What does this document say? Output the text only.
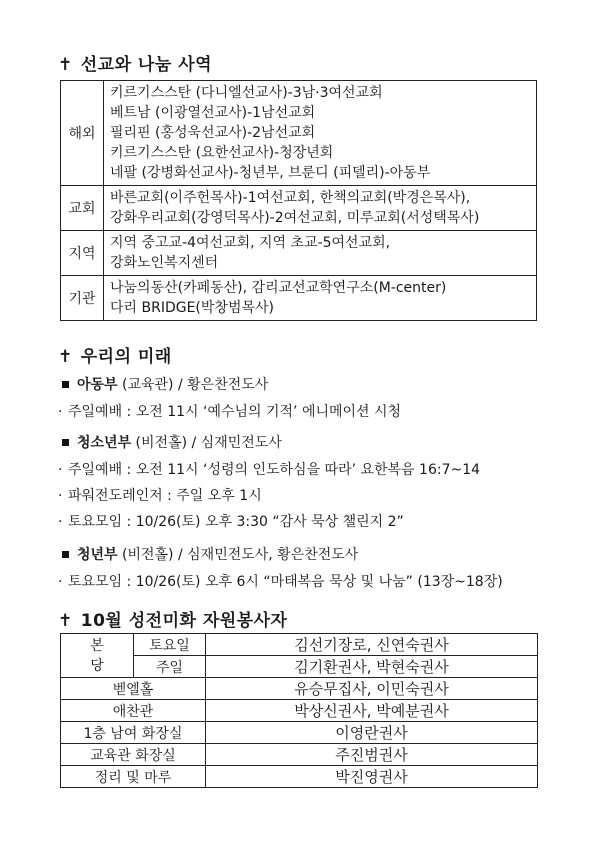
✝ 선교와 나눔 사역
해외	키르기스스탄 (다니엘선교사)-3남·3여선교회
베트남 (이광열선교사)-1남선교회
필리핀 (홍성욱선교사)-2남선교회
키르기스스탄 (요한선교사)-청장년회
네팔 (강병화선교사)-청년부, 브룬디 (피델리)-아동부

교회	바른교회(이주헌목사)-1여선교회, 한책의교회(박경은목사),
강화우리교회(강영덕목사)-2여선교회, 미루교회(서성택목사)

지역	지역 중고교-4여선교회, 지역 초교-5여선교회,
강화노인복지센터

기관	나눔의동산(카페동산), 감리교선교학연구소(M-center)
다리 BRIDGE(박창범목사)
✝ 우리의 미래
아동부 (교육관) / 황은찬전도사
· 주일예배 : 오전 11시 ‘예수님의 기적’ 에니메이션 시청
청소년부 (비전홀) / 심재민전도사
· 주일예배 : 오전 11시 ‘성령의 인도하심을 따라’ 요한복음 16:7~14
· 파워전도레인저 : 주일 오후 1시
· 토요모임 : 10/26(토) 오후 3:30 “감사 묵상 챌린지 2”
청년부 (비전홀) / 심재민전도사, 황은찬전도사
· 토요모임 : 10/26(토) 오후 6시 “마태복음 묵상 및 나눔” (13장~18장)
✝ 10월 성전미화 자원봉사자
본
당	토요일	김선기장로, 신연숙권사
	주일	김기환권사, 박현숙권사
벧엘홀		유승무집사, 이민숙권사
애찬관		박상신권사, 박예분권사
1층 남여 화장실		이영란권사
교육관 화장실		주진범권사
정리 및 마루		박진영권사
